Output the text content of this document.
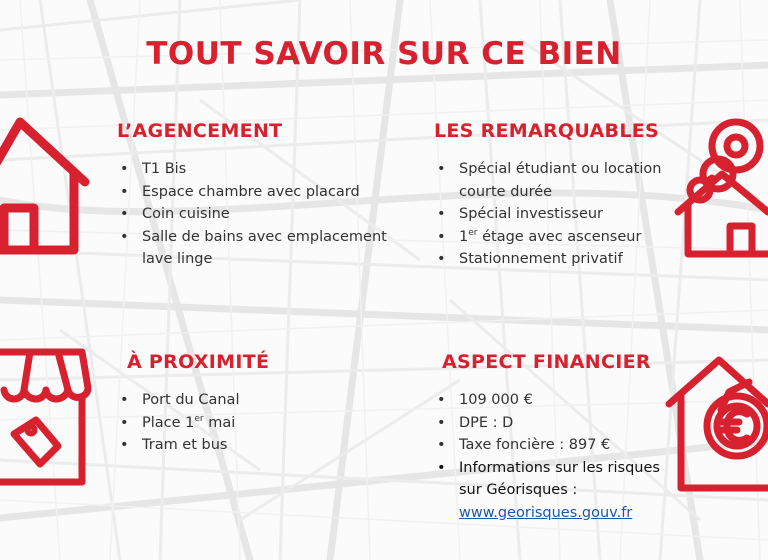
TOUT SAVOIR SUR CE BIEN
L’AGENCEMENT
• T1 Bis
• Espace chambre avec placard
• Coin cuisine
• Salle de bains avec emplacement lave linge
LES REMARQUABLES
• Spécial étudiant ou location courte durée
• Spécial investisseur
• 1er étage avec ascenseur
• Stationnement privatif
À PROXIMITÉ
• Port du Canal
• Place 1er mai
• Tram et bus
ASPECT FINANCIER
• 109 000 €
• DPE : D
• Taxe foncière : 897 €
• Informations sur les risques sur Géorisques :
www.georisques.gouv.fr
